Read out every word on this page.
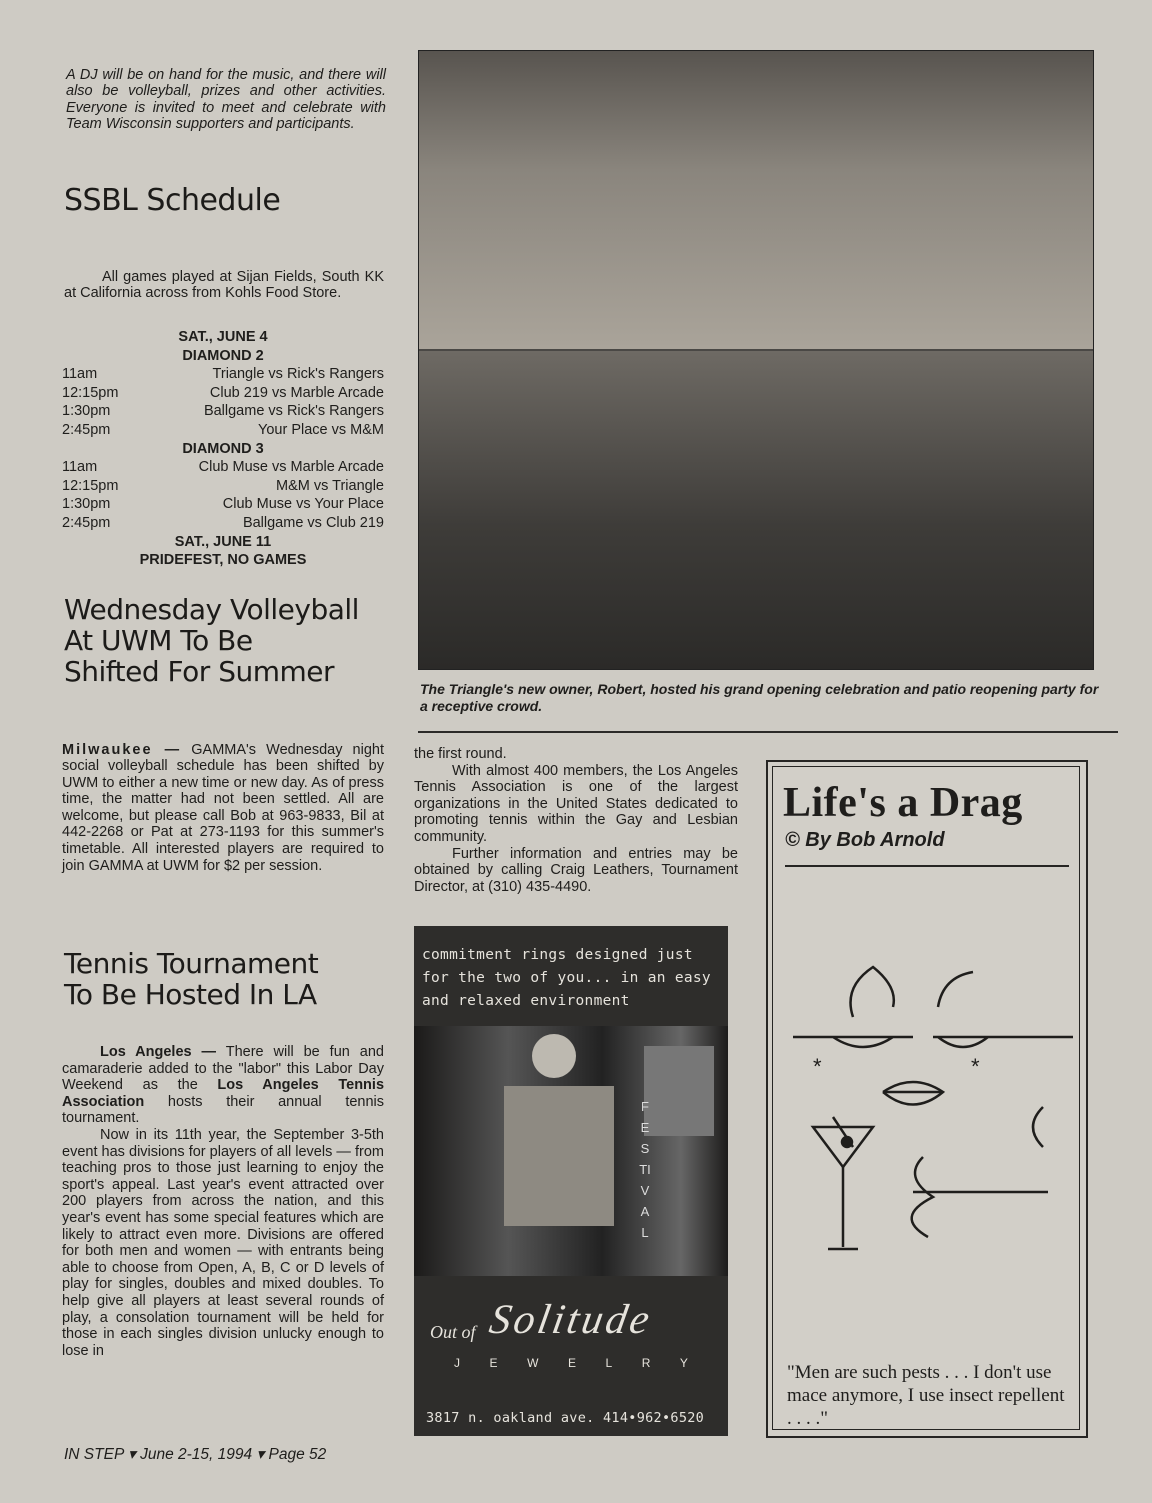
A DJ will be on hand for the music, and there will also be volleyball, prizes and other activities. Everyone is invited to meet and celebrate with Team Wisconsin supporters and participants.

SSBL Schedule

All games played at Sijan Fields, South KK at California across from Kohls Food Store.

SAT., JUNE 4
DIAMOND 2
11am	Triangle vs Rick's Rangers
12:15pm	Club 219 vs Marble Arcade
1:30pm	Ballgame vs Rick's Rangers
2:45pm	Your Place vs M&M
DIAMOND 3
11am	Club Muse vs Marble Arcade
12:15pm	M&M vs Triangle
1:30pm	Club Muse vs Your Place
2:45pm	Ballgame vs Club 219
SAT., JUNE 11
PRIDEFEST, NO GAMES
Wednesday Volleyball
At UWM To Be
Shifted For Summer

Milwaukee — GAMMA's Wednesday night social volleyball schedule has been shifted by UWM to either a new time or new day. As of press time, the matter had not been settled. All are welcome, but please call Bob at 963-9833, Bil at 442-2268 or Pat at 273-1193 for this summer's timetable. All interested players are required to join GAMMA at UWM for $2 per session.

Tennis Tournament
To Be Hosted In LA
Los Angeles — There will be fun and camaraderie added to the "labor" this Labor Day Weekend as the Los Angeles Tennis Association hosts their annual tennis tournament.
Now in its 11th year, the September 3-5th event has divisions for players of all levels — from teaching pros to those just learning to enjoy the sport's appeal. Last year's event attracted over 200 players from across the nation, and this year's event has some special features which are likely to attract even more. Divisions are offered for both men and women — with entrants being able to choose from Open, A, B, C or D levels of play for singles, doubles and mixed doubles. To help give all players at least several rounds of play, a consolation tournament will be held for those in each singles division unlucky enough to lose in
IN STEP ▾ June 2-15, 1994 ▾ Page 52
The Triangle's new owner, Robert, hosted his grand opening celebration and patio reopening party for a receptive crowd.
the first round.
With almost 400 members, the Los Angeles Tennis Association is one of the largest organizations in the United States dedicated to promoting tennis within the Gay and Lesbian community.
Further information and entries may be obtained by calling Craig Leathers, Tournament Director, at (310) 435-4490.
commitment rings designed just for the two of you... in an easy and relaxed environment
FESTIVAL
Solitude
Out of
J E W E L R Y
3817 n. oakland ave. 414•962•6520
Life's a Drag
© By Bob Arnold
*	*
"Men are such pests . . . I don't use mace anymore, I use insect repellent . . . ."
